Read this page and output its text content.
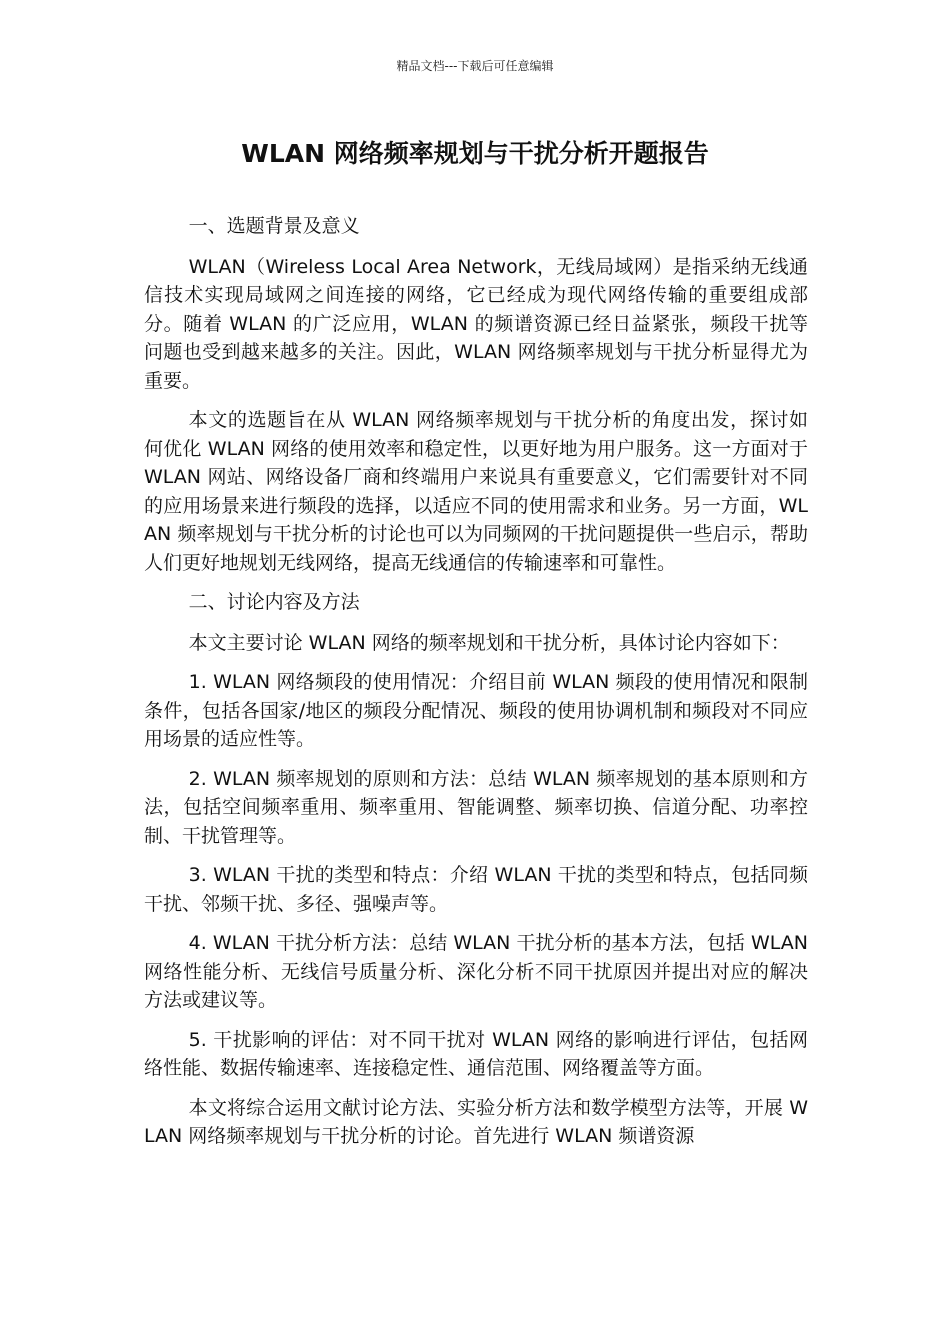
精品文档---下载后可任意编辑
WLAN 网络频率规划与干扰分析开题报告

一、选题背景及意义

WLAN（Wireless Local Area Network，无线局域网）是指采纳无线通信技术实现局域网之间连接的网络，它已经成为现代网络传输的重要组成部分。随着 WLAN 的广泛应用，WLAN 的频谱资源已经日益紧张，频段干扰等问题也受到越来越多的关注。因此，WLAN 网络频率规划与干扰分析显得尤为重要。

本文的选题旨在从 WLAN 网络频率规划与干扰分析的角度出发，探讨如何优化 WLAN 网络的使用效率和稳定性，以更好地为用户服务。这一方面对于 WLAN 网站、网络设备厂商和终端用户来说具有重要意义，它们需要针对不同的应用场景来进行频段的选择，以适应不同的使用需求和业务。另一方面，WLAN 频率规划与干扰分析的讨论也可以为同频网的干扰问题提供一些启示，帮助人们更好地规划无线网络，提高无线通信的传输速率和可靠性。

二、讨论内容及方法

本文主要讨论 WLAN 网络的频率规划和干扰分析，具体讨论内容如下：

1. WLAN 网络频段的使用情况：介绍目前 WLAN 频段的使用情况和限制条件，包括各国家/地区的频段分配情况、频段的使用协调机制和频段对不同应用场景的适应性等。

2. WLAN 频率规划的原则和方法：总结 WLAN 频率规划的基本原则和方法，包括空间频率重用、频率重用、智能调整、频率切换、信道分配、功率控制、干扰管理等。

3. WLAN 干扰的类型和特点：介绍 WLAN 干扰的类型和特点，包括同频干扰、邻频干扰、多径、强噪声等。

4. WLAN 干扰分析方法：总结 WLAN 干扰分析的基本方法，包括 WLAN 网络性能分析、无线信号质量分析、深化分析不同干扰原因并提出对应的解决方法或建议等。

5. 干扰影响的评估：对不同干扰对 WLAN 网络的影响进行评估，包括网络性能、数据传输速率、连接稳定性、通信范围、网络覆盖等方面。

本文将综合运用文献讨论方法、实验分析方法和数学模型方法等，开展 WLAN 网络频率规划与干扰分析的讨论。首先进行 WLAN 频谱资源
